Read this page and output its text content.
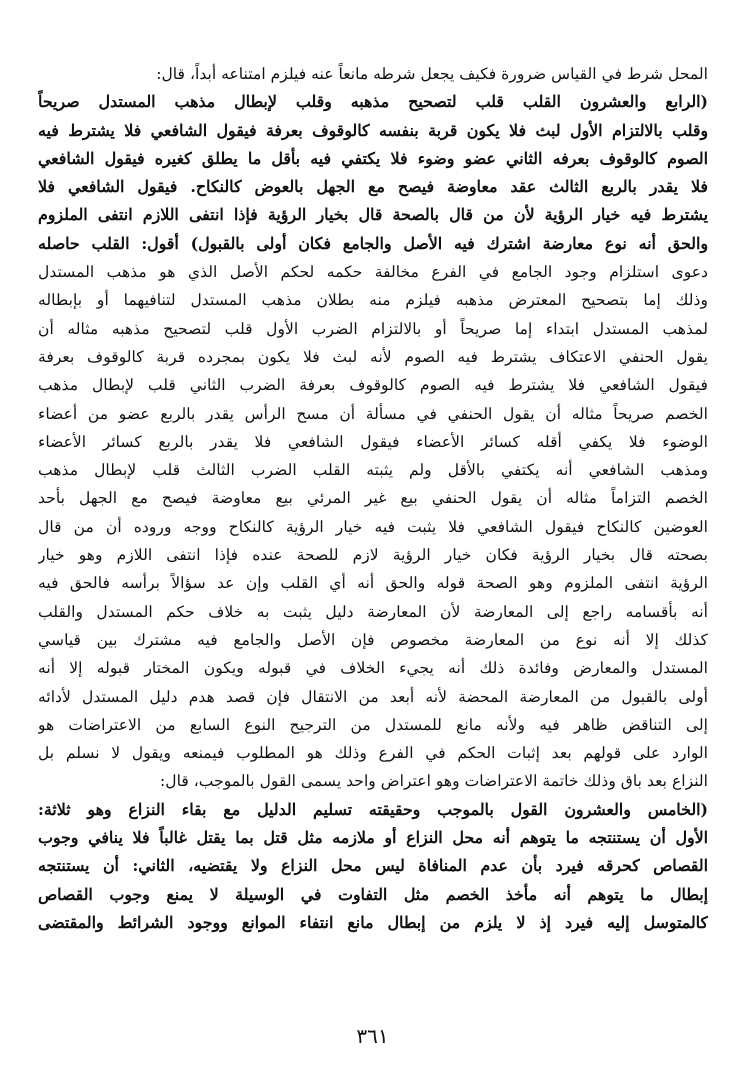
المحل شرط في القياس ضرورة فكيف يجعل شرطه مانعاً عنه فيلزم امتناعه أبداً، قال:
(الرابع والعشرون القلب قلب لتصحيح مذهبه وقلب لإبطال مذهب المستدل صريحاً
وقلب بالالتزام الأول لبث فلا يكون قربة بنفسه كالوقوف بعرفة فيقول الشافعي فلا يشترط فيه
الصوم كالوقوف بعرفه الثاني عضو وضوء فلا يكتفي فيه بأقل ما يطلق كغيره فيقول الشافعي
فلا يقدر بالربع الثالث عقد معاوضة فيصح مع الجهل بالعوض كالنكاح. فيقول الشافعي فلا
يشترط فيه خيار الرؤية لأن من قال بالصحة قال بخيار الرؤية فإذا انتفى اللازم انتفى الملزوم
والحق أنه نوع معارضة اشترك فيه الأصل والجامع فكان أولى بالقبول) أقول: القلب حاصله
دعوى استلزام وجود الجامع في الفرع مخالفة حكمه لحكم الأصل الذي هو مذهب المستدل
وذلك إما بتصحيح المعترض مذهبه فيلزم منه بطلان مذهب المستدل لتنافيهما أو بإبطاله
لمذهب المستدل ابتداء إما صريحاً أو بالالتزام الضرب الأول قلب لتصحيح مذهبه مثاله أن
يقول الحنفي الاعتكاف يشترط فيه الصوم لأنه لبث فلا يكون بمجرده قربة كالوقوف بعرفة
فيقول الشافعي فلا يشترط فيه الصوم كالوقوف بعرفة الضرب الثاني قلب لإبطال مذهب
الخصم صريحاً مثاله أن يقول الحنفي في مسألة أن مسح الرأس يقدر بالربع عضو من أعضاء
الوضوء فلا يكفي أقله كسائر الأعضاء فيقول الشافعي فلا يقدر بالربع كسائر الأعضاء
ومذهب الشافعي أنه يكتفي بالأقل ولم يثبته القلب الضرب الثالث قلب لإبطال مذهب
الخصم التزاماً مثاله أن يقول الحنفي بيع غير المرئي بيع معاوضة فيصح مع الجهل بأحد
العوضين كالنكاح فيقول الشافعي فلا يثبت فيه خيار الرؤية كالنكاح ووجه وروده أن من قال
بصحته قال بخيار الرؤية فكان خيار الرؤية لازم للصحة عنده فإذا انتفى اللازم وهو خيار
الرؤية انتفى الملزوم وهو الصحة قوله والحق أنه أي القلب وإن عد سؤالاً برأسه فالحق فيه
أنه بأقسامه راجع إلى المعارضة لأن المعارضة دليل يثبت به خلاف حكم المستدل والقلب
كذلك إلا أنه نوع من المعارضة مخصوص فإن الأصل والجامع فيه مشترك بين قياسي
المستدل والمعارض وفائدة ذلك أنه يجيء الخلاف في قبوله ويكون المختار قبوله إلا أنه
أولى بالقبول من المعارضة المحضة لأنه أبعد من الانتقال فإن قصد هدم دليل المستدل لأدائه
إلى التناقض ظاهر فيه ولأنه مانع للمستدل من الترجيح النوع السابع من الاعتراضات هو
الوارد على قولهم بعد إثبات الحكم في الفرع وذلك هو المطلوب فيمنعه ويقول لا نسلم بل
النزاع بعد باق وذلك خاتمة الاعتراضات وهو اعتراض واحد يسمى القول بالموجب، قال:
(الخامس والعشرون القول بالموجب وحقيقته تسليم الدليل مع بقاء النزاع وهو ثلاثة:
الأول أن يستنتجه ما يتوهم أنه محل النزاع أو ملازمه مثل قتل بما يقتل غالباً فلا ينافي وجوب
القصاص كحرقه فيرد بأن عدم المنافاة ليس محل النزاع ولا يقتضيه، الثاني: أن يستنتجه
إبطال ما يتوهم أنه مأخذ الخصم مثل التفاوت في الوسيلة لا يمنع وجوب القصاص
كالمتوسل إليه فيرد إذ لا يلزم من إبطال مانع انتفاء الموانع ووجود الشرائط والمقتضى
٣٦١
